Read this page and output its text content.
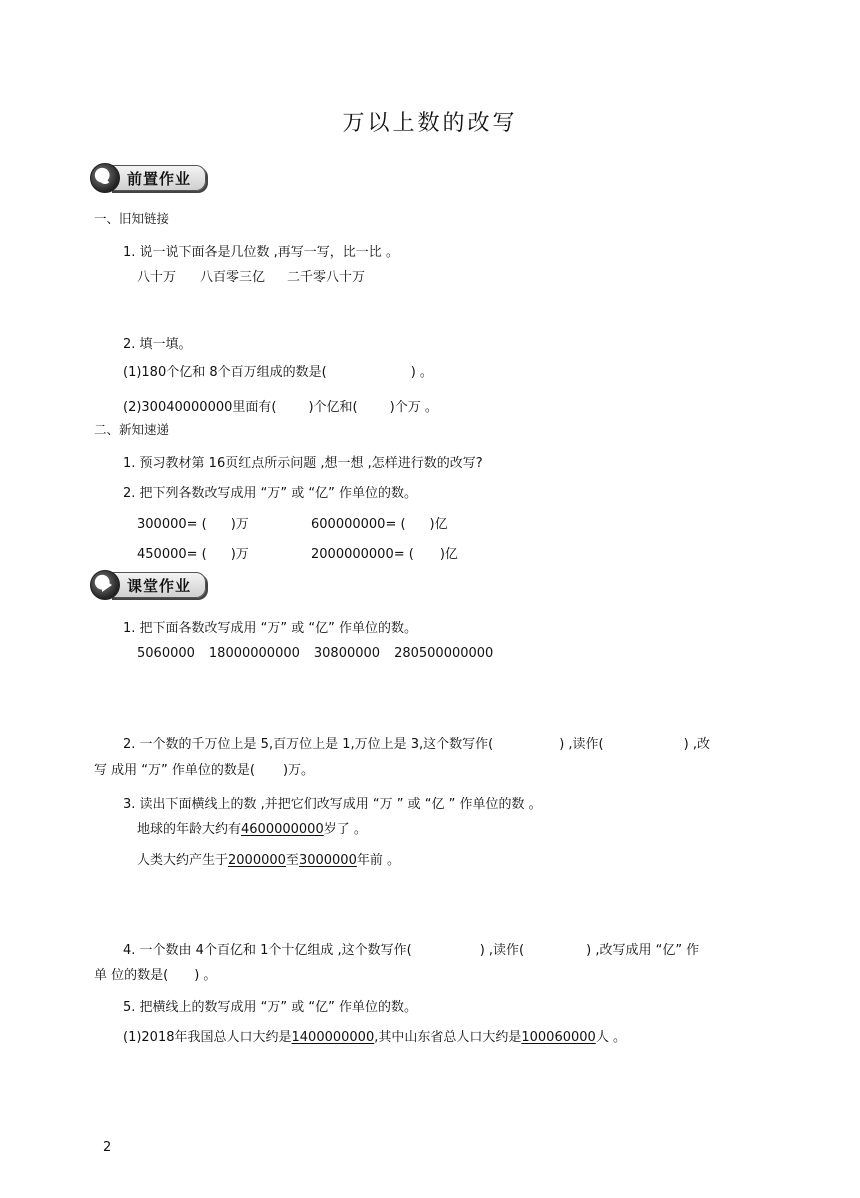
万以上数的改写
前置作业
一、旧知链接
1. 说一说下面各是几位数 ,再写一写，比一比 。
八十万 八百零三亿 二千零八十万
2. 填一填。
(1)180个亿和 8个百万组成的数是(	) 。
(2)30040000000里面有( )个亿和( )个万 。
二、新知速递
1. 预习教材第 16页红点所示问题 ,想一想 ,怎样进行数的改写?
2. 把下列各数改写成用 “万” 或 “亿” 作单位的数。
300000= ( )万	600000000= ( )亿
450000= ( )万	2000000000= ( )亿
课堂作业
1. 把下面各数改写成用 “万” 或 “亿” 作单位的数。
5060000 18000000000 30800000 280500000000
2. 一个数的千万位上是 5,百万位上是 1,万位上是 3,这个数写作(	) ,读作(	) ,改
写 成用 “万” 作单位的数是( )万。
3. 读出下面横线上的数 ,并把它们改写成用 “万 ” 或 “亿 ” 作单位的数 。
地球的年龄大约有4600000000岁了 。
人类大约产生于2000000至3000000年前 。
4. 一个数由 4个百亿和 1个十亿组成 ,这个数写作(	) ,读作(	) ,改写成用 “亿” 作
单 位的数是( ) 。
5. 把横线上的数写成用 “万” 或 “亿” 作单位的数。
(1)2018年我国总人口大约是1400000000,其中山东省总人口大约是100060000人 。
2
